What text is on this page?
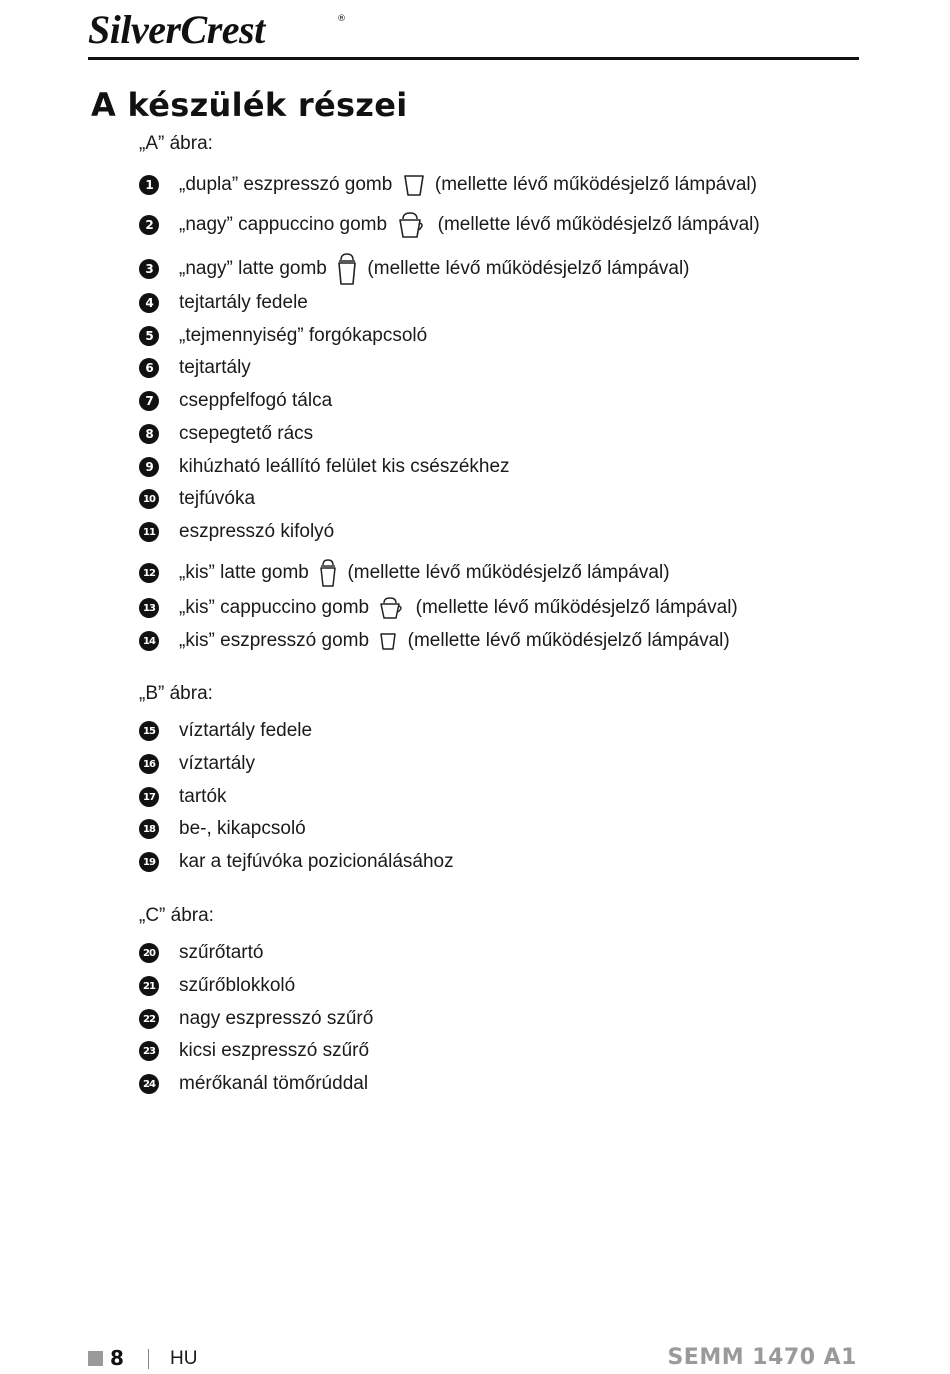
SilverCrest	®
A készülék részei
„A” ábra:
1	„dupla” eszpresszó gomb (mellette lévő működésjelző lámpával)
2	„nagy” cappuccino gomb	(mellette lévő működésjelző lámpával)
3	„nagy” latte gomb (mellette lévő működésjelző lámpával)
4	tejtartály fedele
5	„tejmennyiség” forgókapcsoló
6	tejtartály
7	cseppfelfogó tálca
8	csepegtető rács
9	kihúzható leállító felület kis csészékhez
10 tejfúvóka
11 eszpresszó kifolyó
12 „kis” latte gomb (mellette lévő működésjelző lámpával)
13 „kis” cappuccino gomb (mellette lévő működésjelző lámpával)
14 „kis” eszpresszó gomb (mellette lévő működésjelző lámpával)
„B” ábra:
15 víztartály fedele
16 víztartály
17 tartók
18 be-, kikapcsoló
19 kar a tejfúvóka pozicionálásához
„C” ábra:
20 szűrőtartó
21 szűrőblokkoló
22 nagy eszpresszó szűrő
23 kicsi eszpresszó szűrő
24 mérőkanál tömőrúddal
8 HU	SEMM 1470 A1
